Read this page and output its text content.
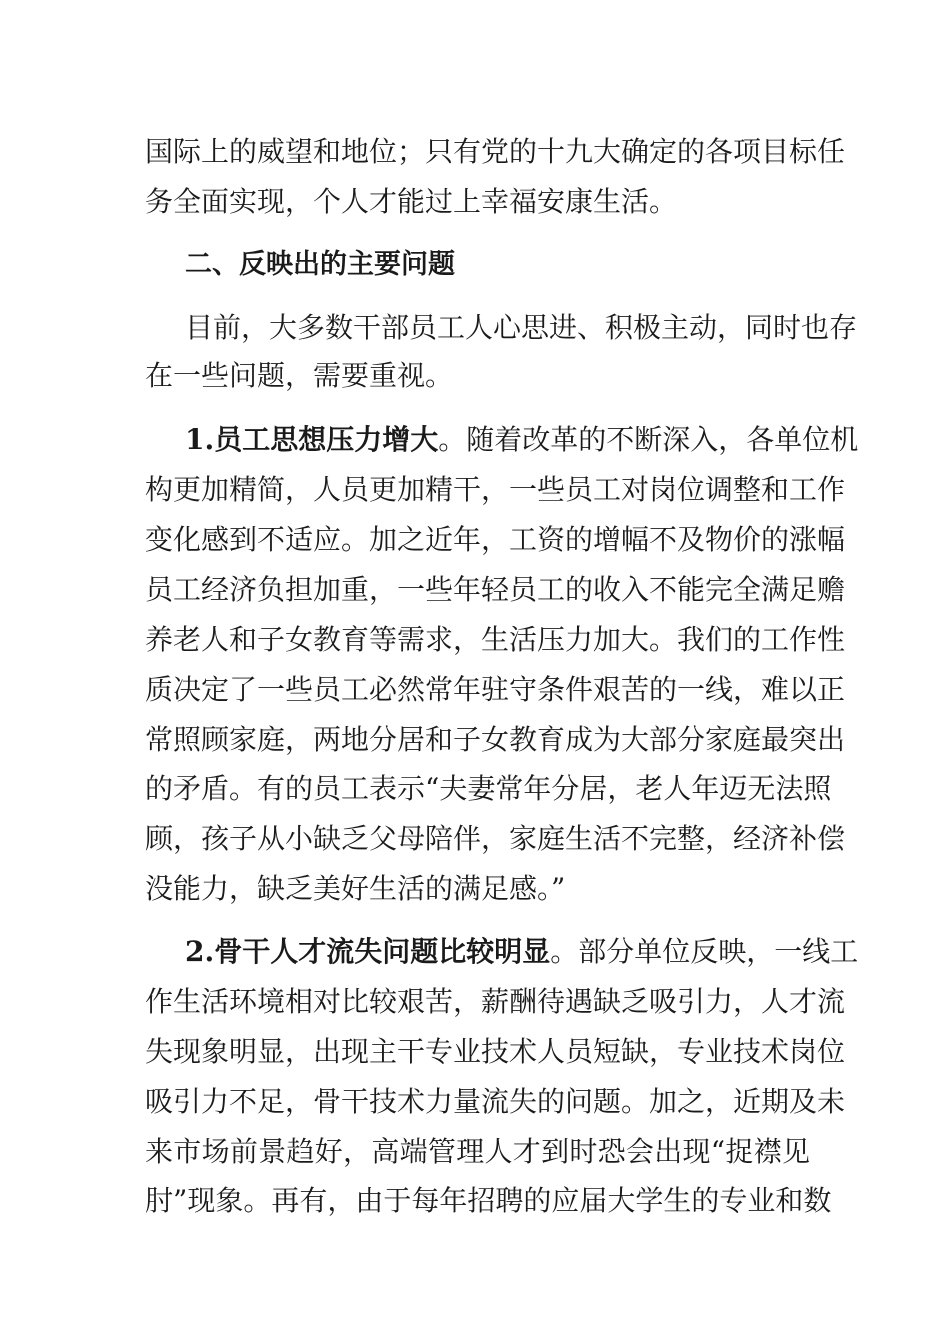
国际上的威望和地位；只有党的十九大确定的各项目标任
务全面实现，个人才能过上幸福安康生活。
二、反映出的主要问题
目前，大多数干部员工人心思进、积极主动，同时也存
在一些问题，需要重视。
1.员工思想压力增大。随着改革的不断深入，各单位机
构更加精简，人员更加精干，一些员工对岗位调整和工作
变化感到不适应。加之近年，工资的增幅不及物价的涨幅
员工经济负担加重，一些年轻员工的收入不能完全满足赡
养老人和子女教育等需求，生活压力加大。我们的工作性
质决定了一些员工必然常年驻守条件艰苦的一线，难以正
常照顾家庭，两地分居和子女教育成为大部分家庭最突出
的矛盾。有的员工表示“夫妻常年分居，老人年迈无法照
顾，孩子从小缺乏父母陪伴，家庭生活不完整，经济补偿
没能力，缺乏美好生活的满足感。”
2.骨干人才流失问题比较明显。部分单位反映，一线工
作生活环境相对比较艰苦，薪酬待遇缺乏吸引力，人才流
失现象明显，出现主干专业技术人员短缺，专业技术岗位
吸引力不足，骨干技术力量流失的问题。加之，近期及未
来市场前景趋好，高端管理人才到时恐会出现“捉襟见
肘”现象。再有，由于每年招聘的应届大学生的专业和数
